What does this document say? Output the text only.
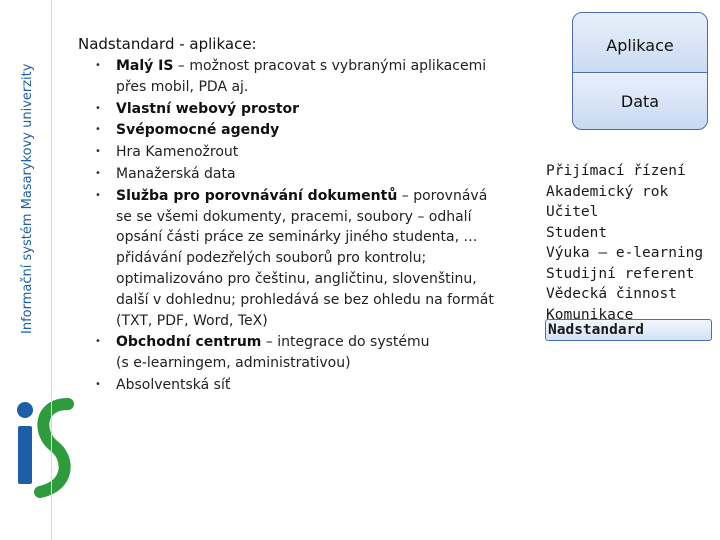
Informační systém Masarykovy univerzity
Nadstandard - aplikace:
• Malý IS – možnost pracovat s vybranými aplikacemi
přes mobil, PDA aj.
• Vlastní webový prostor
• Svépomocné agendy
• Hra Kamenožrout
• Manažerská data
• Služba pro porovnávání dokumentů – porovnává
se se všemi dokumenty, pracemi, soubory – odhalí
opsání části práce ze seminárky jiného studenta, …
přidávání podezřelých souborů pro kontrolu;
optimalizováno pro češtinu, angličtinu, slovenštinu,
další v dohlednu; prohledává se bez ohledu na formát
(TXT, PDF, Word, TeX)
• Obchodní centrum – integrace do systému
(s e-learningem, administrativou)
• Absolventská síť
Aplikace
Data
Přijímací řízení
Akademický rok
Učitel
Student
Výuka – e-learning
Studijní referent
Vědecká činnost
Komunikace
Nadstandard
